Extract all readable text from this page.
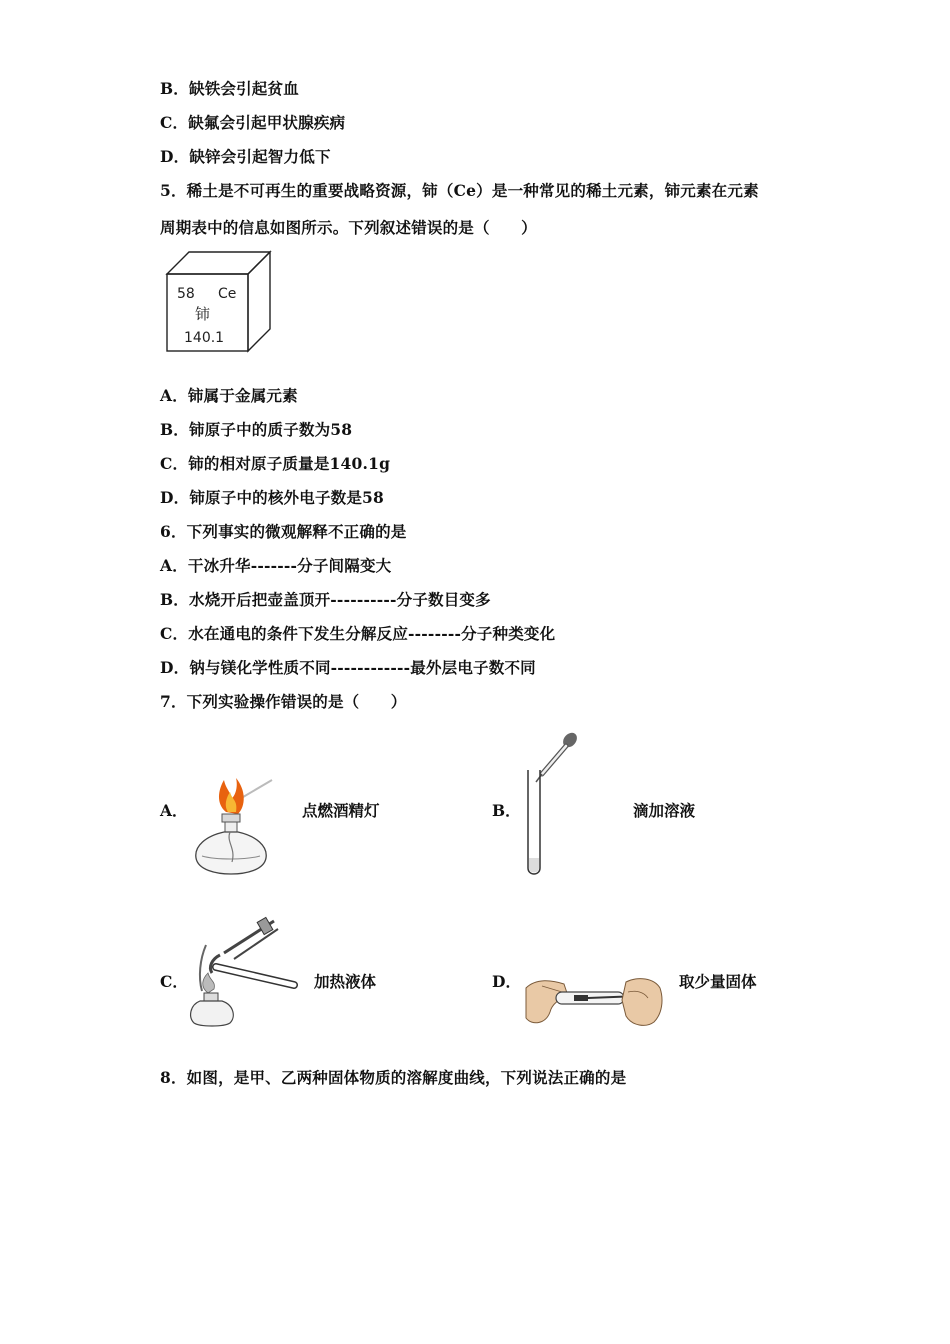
B．缺铁会引起贫血
C．缺氟会引起甲状腺疾病
D．缺锌会引起智力低下
5．稀土是不可再生的重要战略资源，铈（Ce）是一种常见的稀土元素，铈元素在元素
周期表中的信息如图所示。下列叙述错误的是（　　）
58 Ce
铈
140.1
A．铈属于金属元素
B．铈原子中的质子数为58
C．铈的相对原子质量是140.1g
D．铈原子中的核外电子数是58
6．下列事实的微观解释不正确的是
A．干冰升华-------分子间隔变大
B．水烧开后把壶盖顶开----------分子数目变多
C．水在通电的条件下发生分解反应--------分子种类变化
D．钠与镁化学性质不同------------最外层电子数不同
7．下列实验操作错误的是（　　）
A．	点燃酒精灯	B．	滴加溶液
C．	加热液体	D．	取少量固体
8．如图，是甲、乙两种固体物质的溶解度曲线，下列说法正确的是
